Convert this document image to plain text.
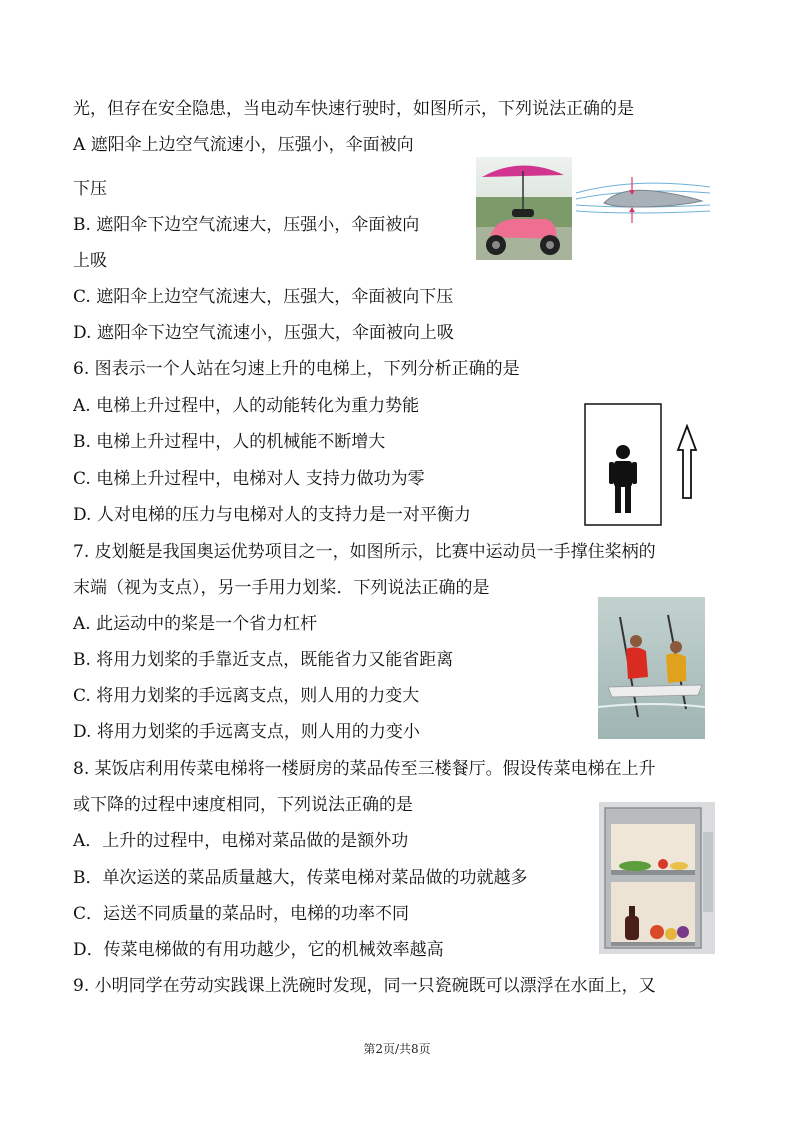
光，但存在安全隐患，当电动车快速行驶时，如图所示，下列说法正确的是
A 遮阳伞上边空气流速小，压强小，伞面被向
下压
B. 遮阳伞下边空气流速大，压强小，伞面被向
上吸
C. 遮阳伞上边空气流速大，压强大，伞面被向下压
D. 遮阳伞下边空气流速小，压强大，伞面被向上吸
6. 图表示一个人站在匀速上升的电梯上，下列分析正确的是
A. 电梯上升过程中，人的动能转化为重力势能
B. 电梯上升过程中，人的机械能不断增大
C. 电梯上升过程中，电梯对人 支持力做功为零
D. 人对电梯的压力与电梯对人的支持力是一对平衡力
7. 皮划艇是我国奥运优势项目之一，如图所示，比赛中运动员一手撑住桨柄的
末端（视为支点），另一手用力划桨．下列说法正确的是
A. 此运动中的桨是一个省力杠杆
B. 将用力划桨的手靠近支点，既能省力又能省距离
C. 将用力划桨的手远离支点，则人用的力变大
D. 将用力划桨的手远离支点，则人用的力变小
8. 某饭店利用传菜电梯将一楼厨房的菜品传至三楼餐厅。假设传菜电梯在上升
或下降的过程中速度相同，下列说法正确的是
A．上升的过程中，电梯对菜品做的是额外功
B．单次运送的菜品质量越大，传菜电梯对菜品做的功就越多
C．运送不同质量的菜品时，电梯的功率不同
D．传菜电梯做的有用功越少，它的机械效率越高
9. 小明同学在劳动实践课上洗碗时发现，同一只瓷碗既可以漂浮在水面上，又
第2页/共8页
